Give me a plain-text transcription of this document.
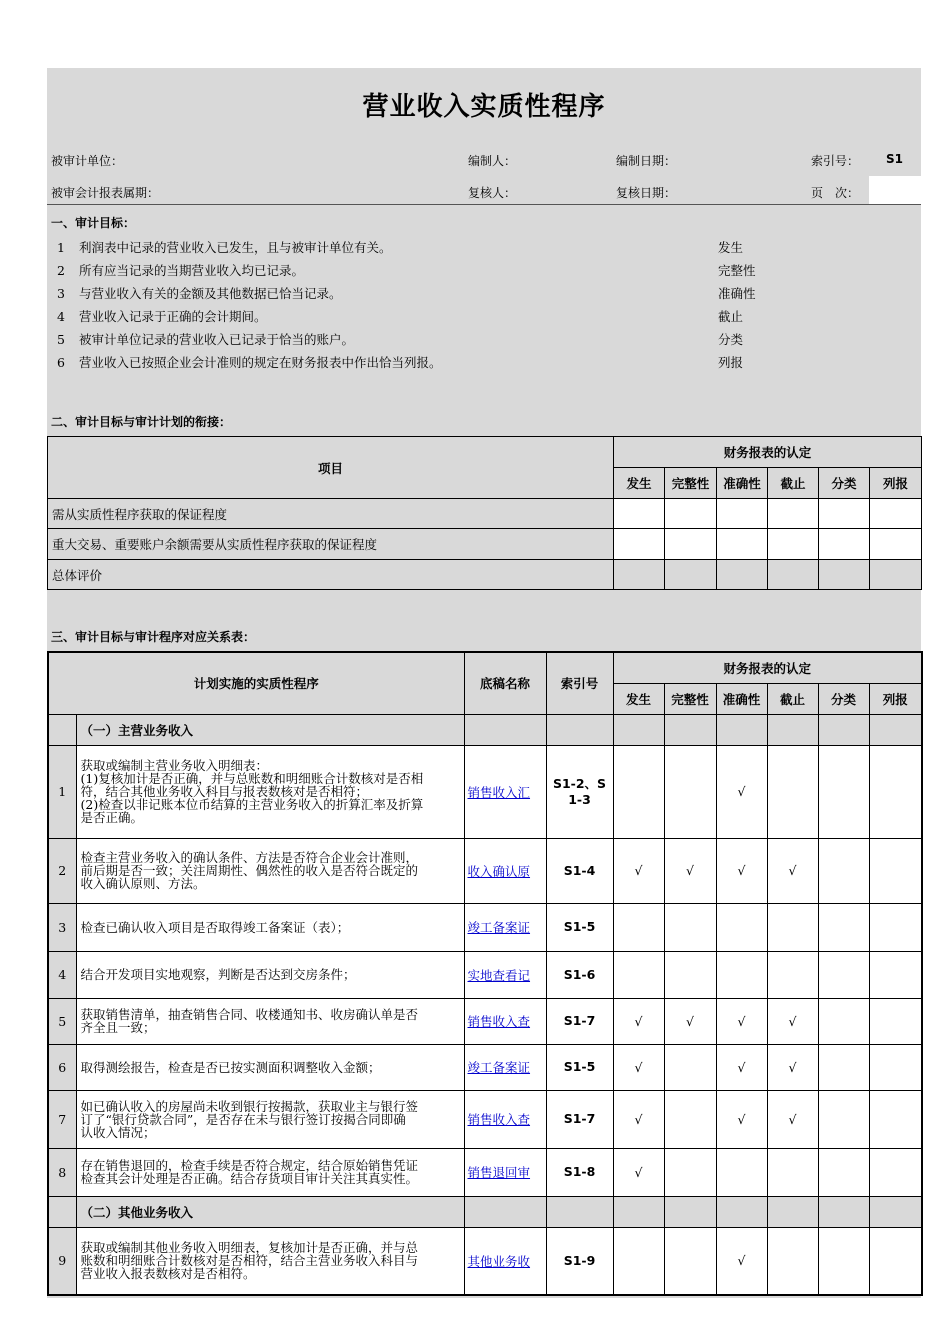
营业收入实质性程序
被审计单位：	编制人：	编制日期：	索引号： S1
被审会计报表属期：	复核人：	复核日期：	页　次：
一、审计目标：
1 利润表中记录的营业收入已发生，且与被审计单位有关。	发生
2 所有应当记录的当期营业收入均已记录。	完整性
3 与营业收入有关的金额及其他数据已恰当记录。	准确性
4 营业收入记录于正确的会计期间。	截止
5 被审计单位记录的营业收入已记录于恰当的账户。	分类
6 营业收入已按照企业会计准则的规定在财务报表中作出恰当列报。	列报
二、审计目标与审计计划的衔接：
项目	财务报表的认定					
	发生	完整性	准确性	截止	分类	列报
需从实质性程序获取的保证程度						
重大交易、重要账户余额需要从实质性程序获取的保证程度						
总体评价						
三、审计目标与审计程序对应关系表：
计划实施的实质性程序		底稿名称	索引号	财务报表的认定					
				发生	完整性	准确性	截止	分类	列报
	（一）主营业务收入								
1	获取或编制主营业务收入明细表：
(1)复核加计是否正确，并与总账数和明细账合计数核对是否相
符，结合其他业务收入科目与报表数核对是否相符；
(2)检查以非记账本位币结算的主营业务收入的折算汇率及折算
是否正确。	销售收入汇	S1-2、S1-3			√			
2	检查主营业务收入的确认条件、方法是否符合企业会计准则，
前后期是否一致；关注周期性、偶然性的收入是否符合既定的
收入确认原则、方法。	收入确认原	S1-4	√	√	√	√		
3	检查已确认收入项目是否取得竣工备案证（表）；	竣工备案证	S1-5						
4	结合开发项目实地观察，判断是否达到交房条件；	实地查看记	S1-6						
5	获取销售清单，抽查销售合同、收楼通知书、收房确认单是否
齐全且一致；	销售收入查	S1-7	√	√	√	√		
6	取得测绘报告，检查是否已按实测面积调整收入金额；	竣工备案证	S1-5	√		√	√		
7	如已确认收入的房屋尚未收到银行按揭款，获取业主与银行签
订了“银行贷款合同”，是否存在未与银行签订按揭合同即确
认收入情况；	销售收入查	S1-7	√		√	√		
8	存在销售退回的，检查手续是否符合规定，结合原始销售凭证
检查其会计处理是否正确。结合存货项目审计关注其真实性。	销售退回审	S1-8	√					
	（二）其他业务收入								
9	获取或编制其他业务收入明细表，复核加计是否正确，并与总
账数和明细账合计数核对是否相符，结合主营业务收入科目与
营业收入报表数核对是否相符。	其他业务收	S1-9			√			
